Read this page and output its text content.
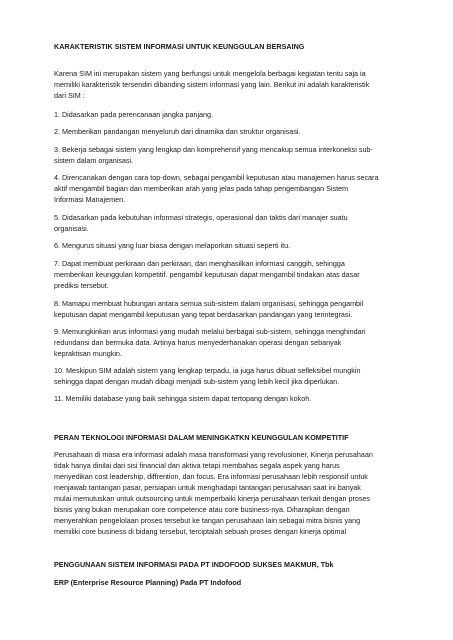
KARAKTERISTIK SISTEM INFORMASI UNTUK KEUNGGULAN BERSAING

Karena SIM ini merupakan sistem yang berfungsi untuk mengelola berbagai kegiatan tentu saja ia
memiliki karakteristik tersendiri dibanding sistem informasi yang lain. Berikut ini adalah karakteristik
dari SIM :

1. Didasarkan pada perencanaan jangka panjang.

2. Memberikan pandangan menyeluruh dari dinamika dan struktur organisasi.

3. Bekerja sebagai sistem yang lengkap dan komprehensif yang mencakup semua interkoneksi sub-
sistem dalam organisasi.

4. Direncanakan dengan cara top-down, sebagai pengambil keputusan atau manajemen harus secara
aktif mengambil bagian dan memberikan arah yang jelas pada tahap pengembangan Sistem
Informasi Manajemen.

5. Didasarkan pada kebutuhan informasi strategis, operasional dan taktis dari manajer suatu
organisasi.

6. Mengurus situasi yang luar biasa dengan melaporkan situasi seperti itu.

7. Dapat membuat perkiraan dan perkiraan, dan menghasilkan informasi canggih, sehingga
memberikan keunggulan kompetitif. pengambil keputusan dapat mengambil tindakan atas dasar
prediksi tersebut.

8. Mamapu membuat hubungan antara semua sub-sistem dalam organisasi, sehingga pengambil
keputusan dapat mengambil keputusan yang tepat berdasarkan pandangan yang terintegrasi.

9. Memungkinkan arus informasi yang mudah melalui berbagai sub-sistem, sehingga menghindari
redundansi dan bermuka data. Artinya harus menyederhanakan operasi dengan sebanyak
kepraktisan mungkin.

10. Meskipun SIM adalah sistem yang lengkap terpadu, ia juga harus dibuat sefleksibel mungkin
sehingga dapat dengan mudah dibagi menjadi sub-sistem yang lebih kecil jika diperlukan.

11. Memiliki database yang baik sehingga sistem dapat tertopang dengan kokoh.

PERAN TEKNOLOGI INFORMASI DALAM MENINGKATKN KEUNGGULAN KOMPETITIF

Perusahaan di masa era informasi adalah masa transformasi yang revolusioner, Kinerja perusahaan
tidak hanya dinilai dari sisi financial dan aktiva tetapi membahas segala aspek yang harus
menyedikan cost leadership, diffrention, dan focus. Era informasi perusahaan lebih responsif untuk
menjawab tantangan pasar, persiapan untuk menghadapi tantangan perusahaan saat ini banyak
mulai memutuskan untuk outsourcing untuk memperbaiki kinerja perusahaan terkait dengan proses
bisnis yang bukan merupakan core competence atau core business-nya. Diharapkan dengan
menyerahkan pengelolaan proses tersebut ke tangan perusahaan lain sebagai mitra bisnis yang
memiliki core business di bidang tersebut, terciptalah sebuah proses dengan kinerja optimal

PENGGUNAAN SISTEM INFORMASI PADA PT INDOFOOD SUKSES MAKMUR, Tbk
ERP (Enterprise Resource Planning) Pada PT Indofood
